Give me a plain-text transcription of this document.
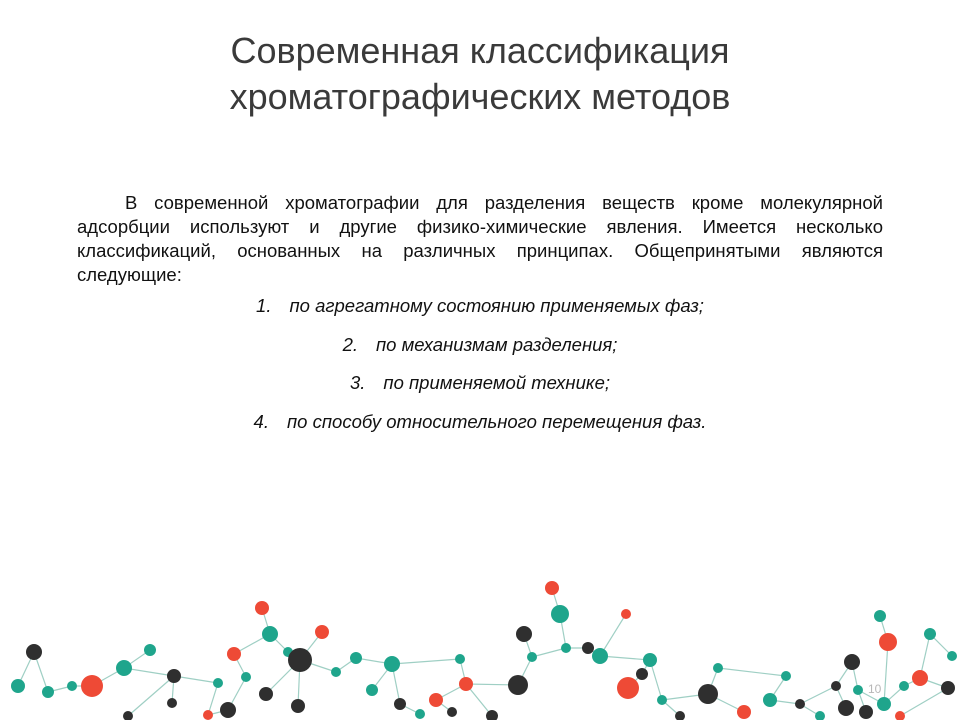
Современная классификация
хроматографических методов

В современной хроматографии для разделения веществ кроме молекулярной адсорбции используют и другие физико-химические явления. Имеется несколько классификаций, основанных на различных принципах. Общепринятыми являются следующие:

1. по агрегатному состоянию применяемых фаз;
2. по механизмам разделения;
3. по применяемой технике;
4. по способу относительного перемещения фаз.
10
